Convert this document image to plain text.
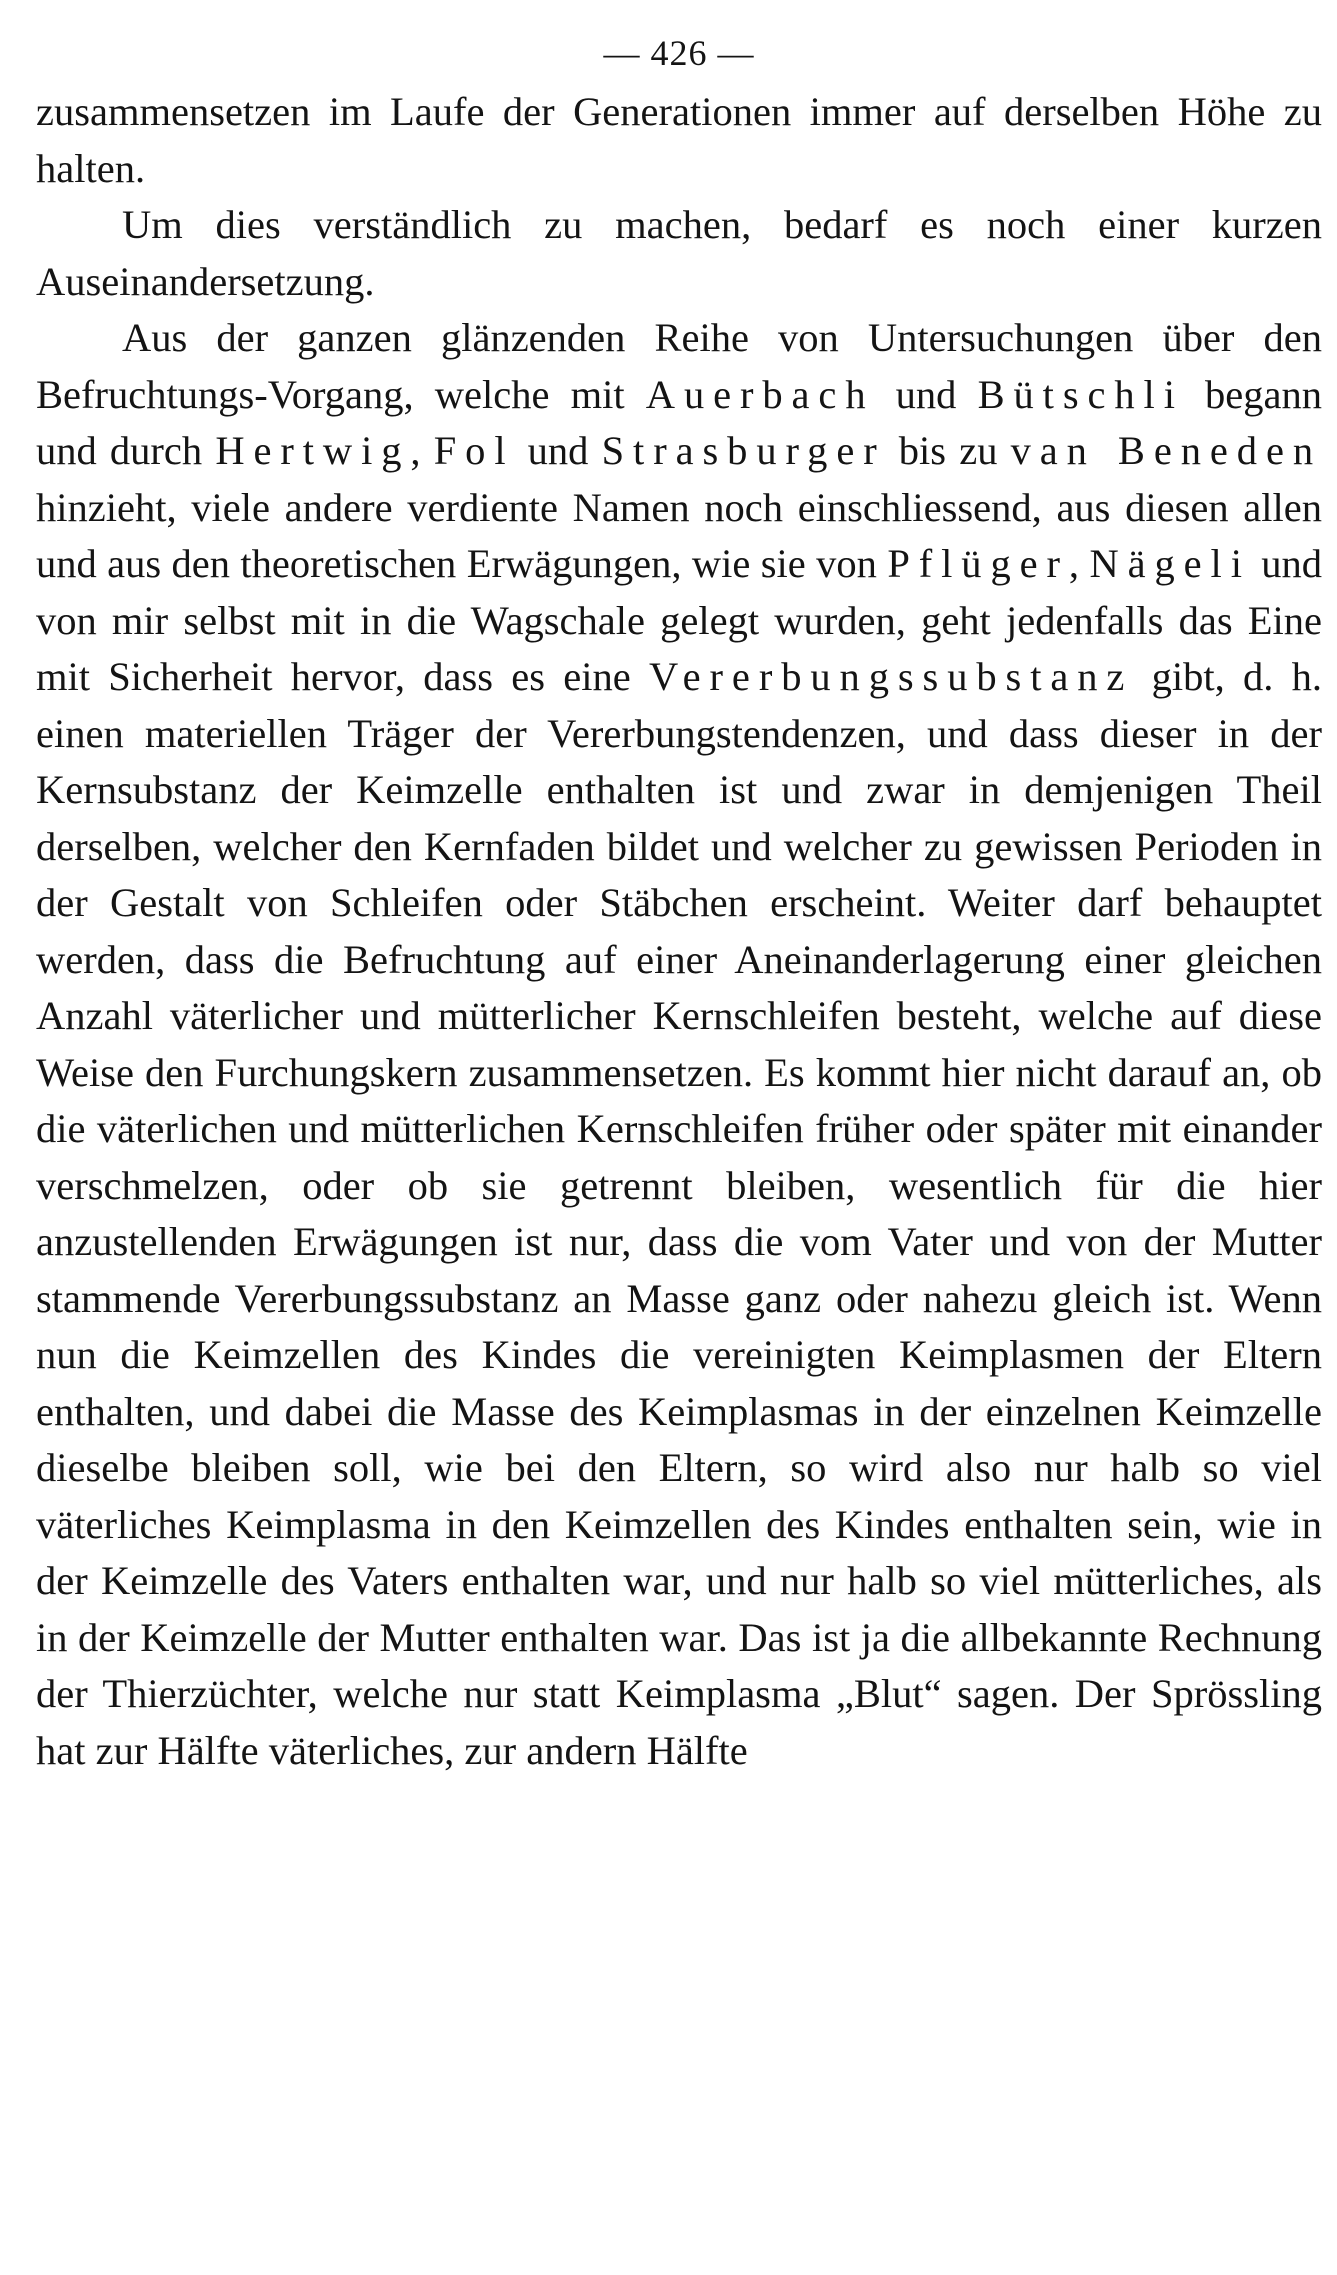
— 426 —

zusammensetzen im Laufe der Generationen immer auf derselben Höhe zu halten.

Um dies verständlich zu machen, bedarf es noch einer kurzen Auseinandersetzung.

Aus der ganzen glänzenden Reihe von Untersuchungen über den Befruchtungs-Vorgang, welche mit Auerbach und Bütschli begann und durch Hertwig, Fol und Strasburger bis zu van Beneden hinzieht, viele andere verdiente Namen noch einschliessend, aus diesen allen und aus den theoretischen Erwägungen, wie sie von Pflüger, Nägeli und von mir selbst mit in die Wagschale gelegt wurden, geht jedenfalls das Eine mit Sicherheit hervor, dass es eine Vererbungssubstanz gibt, d. h. einen materiellen Träger der Vererbungstendenzen, und dass dieser in der Kernsubstanz der Keimzelle enthalten ist und zwar in demjenigen Theil derselben, welcher den Kernfaden bildet und welcher zu gewissen Perioden in der Gestalt von Schleifen oder Stäbchen erscheint. Weiter darf behauptet werden, dass die Befruchtung auf einer Aneinanderlagerung einer gleichen Anzahl väterlicher und mütterlicher Kernschleifen besteht, welche auf diese Weise den Furchungskern zusammensetzen. Es kommt hier nicht darauf an, ob die väterlichen und mütterlichen Kernschleifen früher oder später mit einander verschmelzen, oder ob sie getrennt bleiben, wesentlich für die hier anzustellenden Erwägungen ist nur, dass die vom Vater und von der Mutter stammende Vererbungssubstanz an Masse ganz oder nahezu gleich ist. Wenn nun die Keimzellen des Kindes die vereinigten Keimplasmen der Eltern enthalten, und dabei die Masse des Keimplasmas in der einzelnen Keimzelle dieselbe bleiben soll, wie bei den Eltern, so wird also nur halb so viel väterliches Keimplasma in den Keimzellen des Kindes enthalten sein, wie in der Keimzelle des Vaters enthalten war, und nur halb so viel mütterliches, als in der Keimzelle der Mutter enthalten war. Das ist ja die allbekannte Rechnung der Thierzüchter, welche nur statt Keimplasma „Blut“ sagen. Der Sprössling hat zur Hälfte väterliches, zur andern Hälfte
